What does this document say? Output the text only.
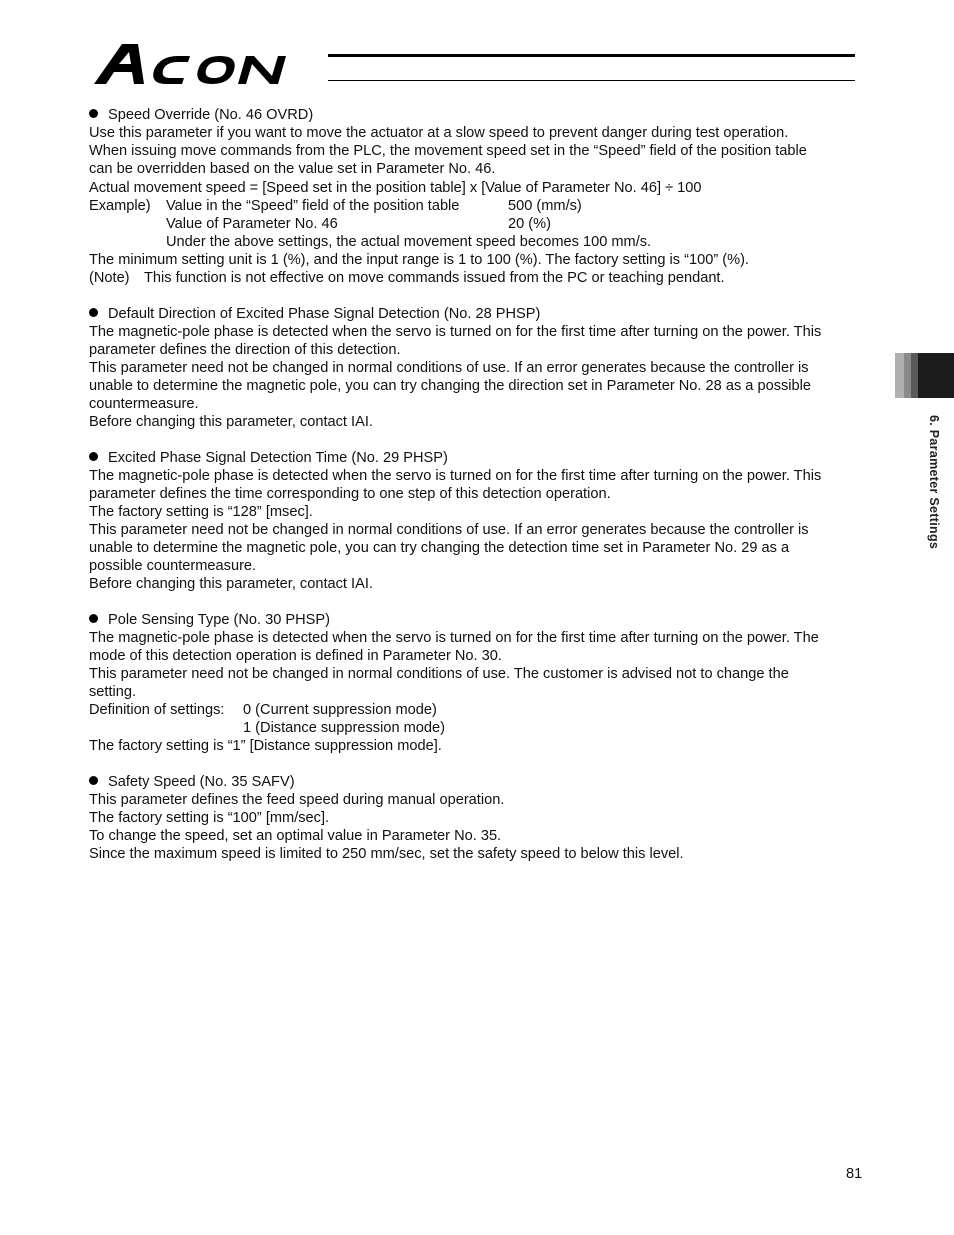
ACON
6. Parameter Settings

Speed Override (No. 46 OVRD)

Use this parameter if you want to move the actuator at a slow speed to prevent danger during test operation.

When issuing move commands from the PLC, the movement speed set in the “Speed” field of the position table

can be overridden based on the value set in Parameter No. 46.

Actual movement speed = [Speed set in the position table] x [Value of Parameter No. 46] ÷ 100

Example)	Value in the “Speed” field of the position table	500 (mm/s)
Value of Parameter No. 46	20 (%)

Under the above settings, the actual movement speed becomes 100 mm/s.

The minimum setting unit is 1 (%), and the input range is 1 to 100 (%). The factory setting is “100” (%).

(Note) This function is not effective on move commands issued from the PC or teaching pendant.

Default Direction of Excited Phase Signal Detection (No. 28 PHSP)

The magnetic-pole phase is detected when the servo is turned on for the first time after turning on the power. This

parameter defines the direction of this detection.

This parameter need not be changed in normal conditions of use. If an error generates because the controller is

unable to determine the magnetic pole, you can try changing the direction set in Parameter No. 28 as a possible

countermeasure.

Before changing this parameter, contact IAI.

Excited Phase Signal Detection Time (No. 29 PHSP)

The magnetic-pole phase is detected when the servo is turned on for the first time after turning on the power. This

parameter defines the time corresponding to one step of this detection operation.

The factory setting is “128” [msec].

This parameter need not be changed in normal conditions of use. If an error generates because the controller is

unable to determine the magnetic pole, you can try changing the detection time set in Parameter No. 29 as a

possible countermeasure.

Before changing this parameter, contact IAI.

Pole Sensing Type (No. 30 PHSP)

The magnetic-pole phase is detected when the servo is turned on for the first time after turning on the power. The

mode of this detection operation is defined in Parameter No. 30.

This parameter need not be changed in normal conditions of use. The customer is advised not to change the

setting.

Definition of settings:	0 (Current suppression mode)

1 (Distance suppression mode)

The factory setting is “1” [Distance suppression mode].

Safety Speed (No. 35 SAFV)

This parameter defines the feed speed during manual operation.

The factory setting is “100” [mm/sec].

To change the speed, set an optimal value in Parameter No. 35.

Since the maximum speed is limited to 250 mm/sec, set the safety speed to below this level.

81
